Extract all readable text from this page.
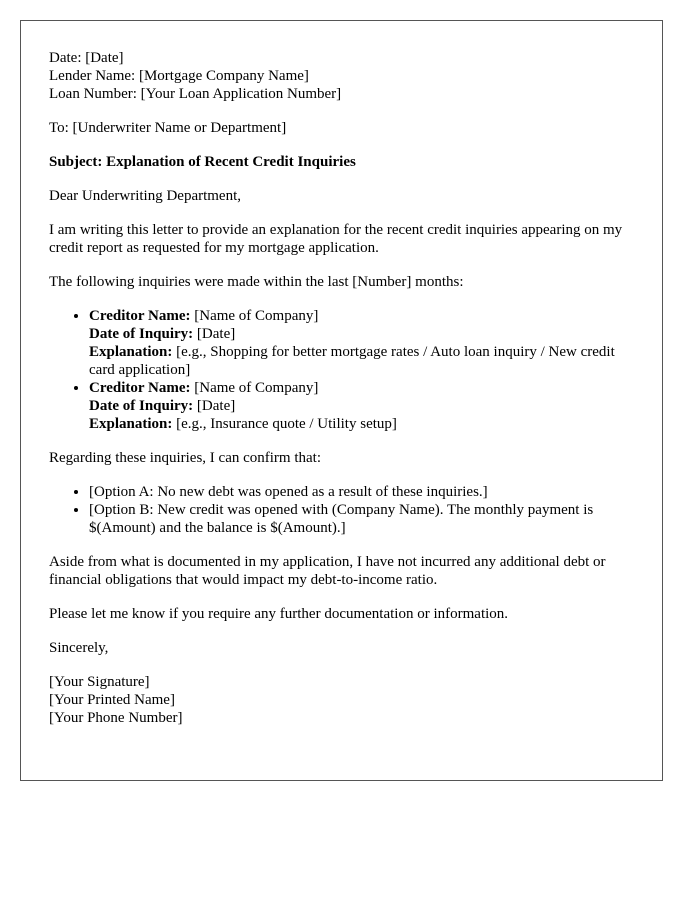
Date: [Date]
Lender Name: [Mortgage Company Name]
Loan Number: [Your Loan Application Number]

To: [Underwriter Name or Department]

Subject: Explanation of Recent Credit Inquiries

Dear Underwriting Department,

I am writing this letter to provide an explanation for the recent credit inquiries appearing on my credit report as requested for my mortgage application.

The following inquiries were made within the last [Number] months:

• Creditor Name: [Name of Company]
Date of Inquiry: [Date]
Explanation: [e.g., Shopping for better mortgage rates / Auto loan inquiry / New credit card application]
• Creditor Name: [Name of Company]
Date of Inquiry: [Date]
Explanation: [e.g., Insurance quote / Utility setup]

Regarding these inquiries, I can confirm that:

• [Option A: No new debt was opened as a result of these inquiries.]
• [Option B: New credit was opened with (Company Name). The monthly payment is $(Amount) and the balance is $(Amount).]

Aside from what is documented in my application, I have not incurred any additional debt or financial obligations that would impact my debt-to-income ratio.

Please let me know if you require any further documentation or information.

Sincerely,

[Your Signature]
[Your Printed Name]
[Your Phone Number]
